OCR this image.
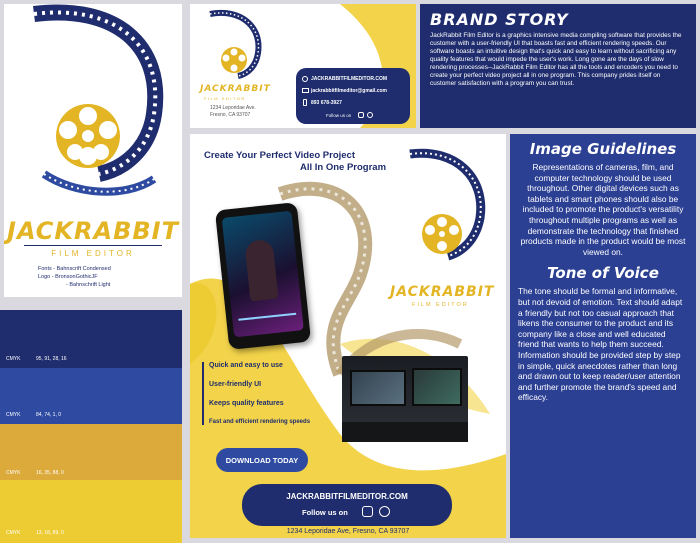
JACKRABBIT
FILM EDITOR
Fonts - Bahnscrift Condensed
Logo - BronsonGothicJF
- Bahnschrift Light
CMYK	95, 91, 28, 16
CMYK	84, 74, 1, 0
CMYK	16, 35, 88, 0
CMYK	13, 18, 89, 0
JACKRABBIT
FILM EDITOR
1234 Leporidae Ave.
Fresno, CA 93707
JACKRABBITFILMEDITOR.COM
jackrabbitfilmeditor@gmail.com
893 678-3927
Follow us on
BRAND STORY

JackRabbit Film Editor is a graphics intensive media compiling software that provides the customer with a user-friendly UI that boasts fast and efficient rendering speeds. Our software boasts an intuitive design that's quick and easy to learn without sacrificing any quality features that would impede the user's work. Long gone are the days of slow rendering processes--JackRabbit Film Editor has all the tools and encoders you need to create your perfect video project all in one program. This company prides itself on customer satisfaction with a program you can trust.

Create Your Perfect Video Project
All In One Program
JACKRABBIT
FILM EDITOR
Quick and easy to use
User-friendly UI
Keeps quality features
Fast and efficient rendering speeds
DOWNLOAD TODAY
JACKRABBITFILMEDITOR.COM
Follow us on
1234 Leporidae Ave, Fresno, CA 93707
Image Guidelines

Representations of cameras, film, and computer technology should be used throughout. Other digital devices such as tablets and smart phones should also be included to promote the product's versatility throughout multiple programs as well as demonstrate the technology that finished products made in the product would be most viewed on.

Tone of Voice

The tone should be formal and informative, but not devoid of emotion. Text should adapt a friendly but not too casual approach that likens the consumer to the product and its company like a close and well educated friend that wants to help them succeed. Information should be provided step by step in simple, quick anecdotes rather than long and drawn out to keep reader/user attention and further promote the brand's speed and efficacy.
